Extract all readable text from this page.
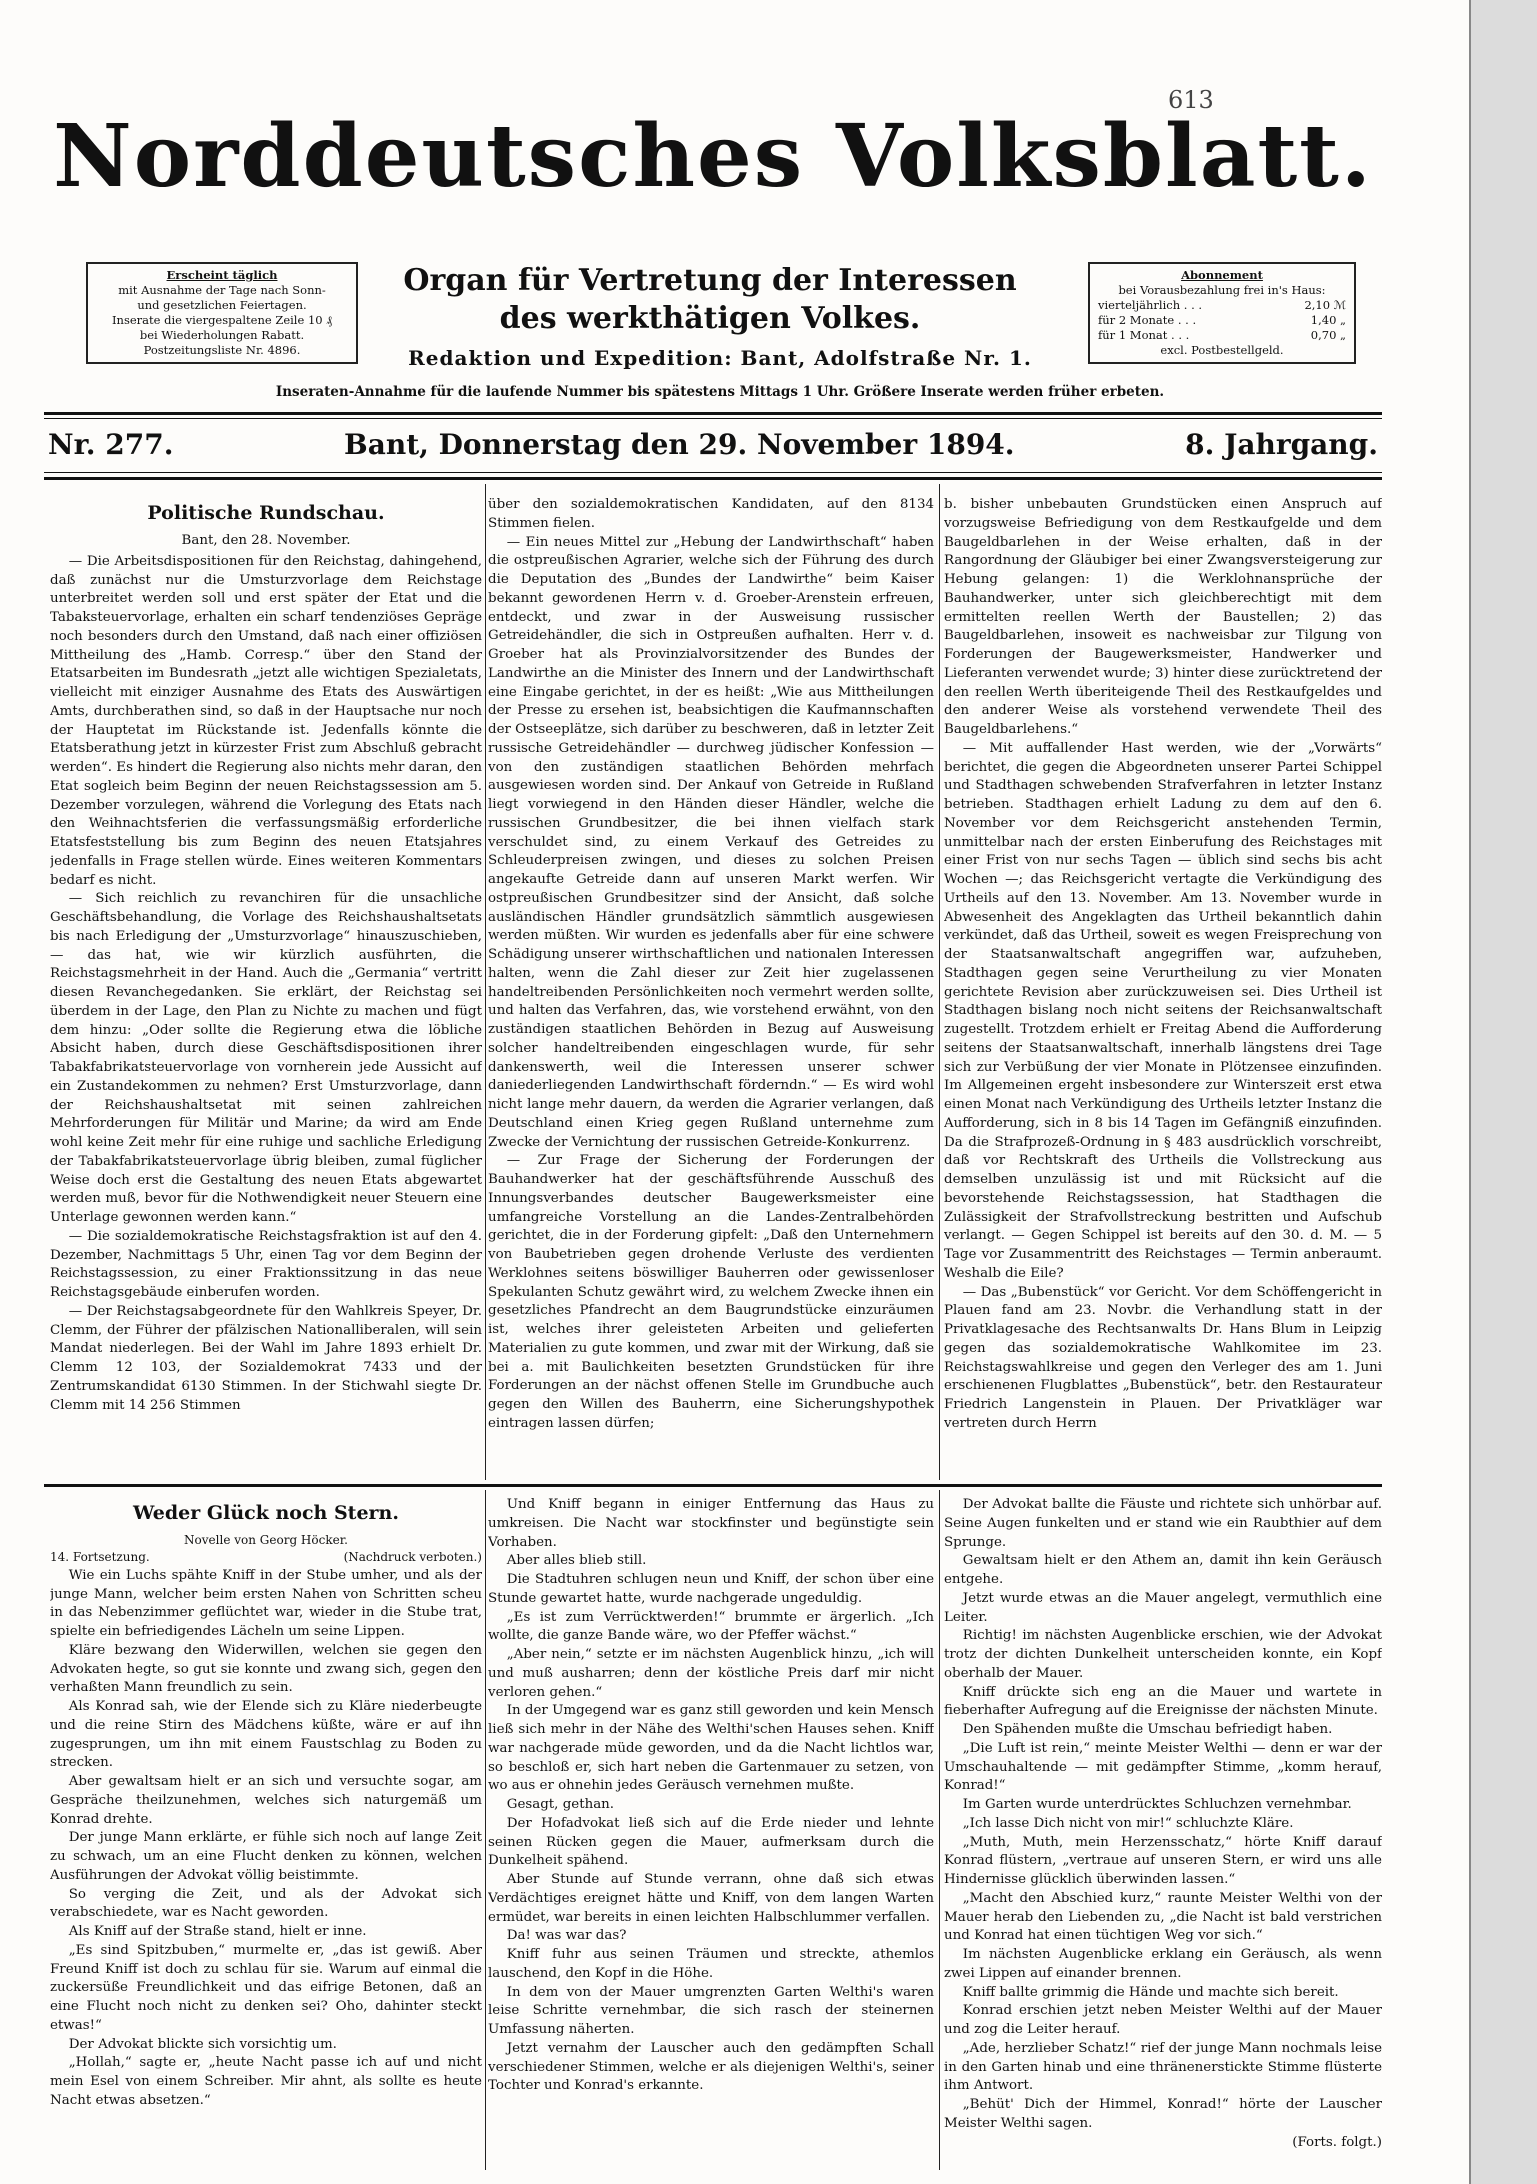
613
Norddeutsches Volksblatt.
Erscheint täglich
mit Ausnahme der Tage nach Sonn-
und gesetzlichen Feiertagen.
Inserate die viergespaltene Zeile 10 ₰
bei Wiederholungen Rabatt.
Postzeitungsliste Nr. 4896.
Organ für Vertretung der Interessen
des werkthätigen Volkes.
Abonnement
bei Vorausbezahlung frei in's Haus:
vierteljährlich . . .	2,10 ℳ
für 2 Monate . . .	1,40 „
für 1 Monat . . .	0,70 „
excl. Postbestellgeld.
Redaktion und Expedition: Bant, Adolfstraße Nr. 1.
Inseraten-Annahme für die laufende Nummer bis spätestens Mittags 1 Uhr. Größere Inserate werden früher erbeten.
Nr. 277.	Bant, Donnerstag den 29. November 1894.	8. Jahrgang.

Politische Rundschau.

Bant, den 28. November.

— Die Arbeitsdispositionen für den Reichstag, dahingehend, daß zunächst nur die Umsturzvorlage dem Reichstage unterbreitet werden soll und erst später der Etat und die Tabaksteuervorlage, erhalten ein scharf tendenziöses Gepräge noch besonders durch den Umstand, daß nach einer offiziösen Mittheilung des „Hamb. Corresp.“ über den Stand der Etatsarbeiten im Bundesrath „jetzt alle wichtigen Spezialetats, vielleicht mit einziger Ausnahme des Etats des Auswärtigen Amts, durchberathen sind, so daß in der Hauptsache nur noch der Hauptetat im Rückstande ist. Jedenfalls könnte die Etatsberathung jetzt in kürzester Frist zum Abschluß gebracht werden“. Es hindert die Regierung also nichts mehr daran, den Etat sogleich beim Beginn der neuen Reichstagssession am 5. Dezember vorzulegen, während die Vorlegung des Etats nach den Weihnachtsferien die verfassungsmäßig erforderliche Etatsfeststellung bis zum Beginn des neuen Etatsjahres jedenfalls in Frage stellen würde. Eines weiteren Kommentars bedarf es nicht.

— Sich reichlich zu revanchiren für die unsachliche Geschäftsbehandlung, die Vorlage des Reichshaushaltsetats bis nach Erledigung der „Umsturzvorlage“ hinauszuschieben, — das hat, wie wir kürzlich ausführten, die Reichstagsmehrheit in der Hand. Auch die „Germania“ vertritt diesen Revanchegedanken. Sie erklärt, der Reichstag sei überdem in der Lage, den Plan zu Nichte zu machen und fügt dem hinzu: „Oder sollte die Regierung etwa die löbliche Absicht haben, durch diese Geschäftsdispositionen ihrer Tabakfabrikatsteuervorlage von vornherein jede Aussicht auf ein Zustandekommen zu nehmen? Erst Umsturzvorlage, dann der Reichshaushaltsetat mit seinen zahlreichen Mehrforderungen für Militär und Marine; da wird am Ende wohl keine Zeit mehr für eine ruhige und sachliche Erledigung der Tabakfabrikatsteuervorlage übrig bleiben, zumal füglicher Weise doch erst die Gestaltung des neuen Etats abgewartet werden muß, bevor für die Nothwendigkeit neuer Steuern eine Unterlage gewonnen werden kann.“

— Die sozialdemokratische Reichstagsfraktion ist auf den 4. Dezember, Nachmittags 5 Uhr, einen Tag vor dem Beginn der Reichstagssession, zu einer Fraktionssitzung in das neue Reichstagsgebäude einberufen worden.

— Der Reichstagsabgeordnete für den Wahlkreis Speyer, Dr. Clemm, der Führer der pfälzischen Nationalliberalen, will sein Mandat niederlegen. Bei der Wahl im Jahre 1893 erhielt Dr. Clemm 12 103, der Sozialdemokrat 7433 und der Zentrumskandidat 6130 Stimmen. In der Stichwahl siegte Dr. Clemm mit 14 256 Stimmen

über den sozialdemokratischen Kandidaten, auf den 8134 Stimmen fielen.

— Ein neues Mittel zur „Hebung der Landwirthschaft“ haben die ostpreußischen Agrarier, welche sich der Führung des durch die Deputation des „Bundes der Landwirthe“ beim Kaiser bekannt gewordenen Herrn v. d. Groeber-Arenstein erfreuen, entdeckt, und zwar in der Ausweisung russischer Getreidehändler, die sich in Ostpreußen aufhalten. Herr v. d. Groeber hat als Provinzialvorsitzender des Bundes der Landwirthe an die Minister des Innern und der Landwirthschaft eine Eingabe gerichtet, in der es heißt: „Wie aus Mittheilungen der Presse zu ersehen ist, beabsichtigen die Kaufmannschaften der Ostseeplätze, sich darüber zu beschweren, daß in letzter Zeit russische Getreidehändler — durchweg jüdischer Konfession — von den zuständigen staatlichen Behörden mehrfach ausgewiesen worden sind. Der Ankauf von Getreide in Rußland liegt vorwiegend in den Händen dieser Händler, welche die russischen Grundbesitzer, die bei ihnen vielfach stark verschuldet sind, zu einem Verkauf des Getreides zu Schleuderpreisen zwingen, und dieses zu solchen Preisen angekaufte Getreide dann auf unseren Markt werfen. Wir ostpreußischen Grundbesitzer sind der Ansicht, daß solche ausländischen Händler grundsätzlich sämmtlich ausgewiesen werden müßten. Wir wurden es jedenfalls aber für eine schwere Schädigung unserer wirthschaftlichen und nationalen Interessen halten, wenn die Zahl dieser zur Zeit hier zugelassenen handeltreibenden Persönlichkeiten noch vermehrt werden sollte, und halten das Verfahren, das, wie vorstehend erwähnt, von den zuständigen staatlichen Behörden in Bezug auf Ausweisung solcher handeltreibenden eingeschlagen wurde, für sehr dankenswerth, weil die Interessen unserer schwer daniederliegenden Landwirthschaft förderndn.“ — Es wird wohl nicht lange mehr dauern, da werden die Agrarier verlangen, daß Deutschland einen Krieg gegen Rußland unternehme zum Zwecke der Vernichtung der russischen Getreide-Konkurrenz.

— Zur Frage der Sicherung der Forderungen der Bauhandwerker hat der geschäftsführende Ausschuß des Innungsverbandes deutscher Baugewerksmeister eine umfangreiche Vorstellung an die Landes-Zentralbehörden gerichtet, die in der Forderung gipfelt: „Daß den Unternehmern von Baubetrieben gegen drohende Verluste des verdienten Werklohnes seitens böswilliger Bauherren oder gewissenloser Spekulanten Schutz gewährt wird, zu welchem Zwecke ihnen ein gesetzliches Pfandrecht an dem Baugrundstücke einzuräumen ist, welches ihrer geleisteten Arbeiten und gelieferten Materialien zu gute kommen, und zwar mit der Wirkung, daß sie bei a. mit Baulichkeiten besetzten Grundstücken für ihre Forderungen an der nächst offenen Stelle im Grundbuche auch gegen den Willen des Bauherrn, eine Sicherungshypothek eintragen lassen dürfen;

b. bisher unbebauten Grundstücken einen Anspruch auf vorzugsweise Befriedigung von dem Restkaufgelde und dem Baugeldbarlehen in der Weise erhalten, daß in der Rangordnung der Gläubiger bei einer Zwangsversteigerung zur Hebung gelangen: 1) die Werklohnansprüche der Bauhandwerker, unter sich gleichberechtigt mit dem ermittelten reellen Werth der Baustellen; 2) das Baugeldbarlehen, insoweit es nachweisbar zur Tilgung von Forderungen der Baugewerksmeister, Handwerker und Lieferanten verwendet wurde; 3) hinter diese zurücktretend der den reellen Werth überiteigende Theil des Restkaufgeldes und den anderer Weise als vorstehend verwendete Theil des Baugeldbarlehens.“

— Mit auffallender Hast werden, wie der „Vorwärts“ berichtet, die gegen die Abgeordneten unserer Partei Schippel und Stadthagen schwebenden Strafverfahren in letzter Instanz betrieben. Stadthagen erhielt Ladung zu dem auf den 6. November vor dem Reichsgericht anstehenden Termin, unmittelbar nach der ersten Einberufung des Reichstages mit einer Frist von nur sechs Tagen — üblich sind sechs bis acht Wochen —; das Reichsgericht vertagte die Verkündigung des Urtheils auf den 13. November. Am 13. November wurde in Abwesenheit des Angeklagten das Urtheil bekanntlich dahin verkündet, daß das Urtheil, soweit es wegen Freisprechung von der Staatsanwaltschaft angegriffen war, aufzuheben, Stadthagen gegen seine Verurtheilung zu vier Monaten gerichtete Revision aber zurückzuweisen sei. Dies Urtheil ist Stadthagen bislang noch nicht seitens der Reichsanwaltschaft zugestellt. Trotzdem erhielt er Freitag Abend die Aufforderung seitens der Staatsanwaltschaft, innerhalb längstens drei Tage sich zur Verbüßung der vier Monate in Plötzensee einzufinden. Im Allgemeinen ergeht insbesondere zur Winterszeit erst etwa einen Monat nach Verkündigung des Urtheils letzter Instanz die Aufforderung, sich in 8 bis 14 Tagen im Gefängniß einzufinden. Da die Strafprozeß-Ordnung in § 483 ausdrücklich vorschreibt, daß vor Rechtskraft des Urtheils die Vollstreckung aus demselben unzulässig ist und mit Rücksicht auf die bevorstehende Reichstagssession, hat Stadthagen die Zulässigkeit der Strafvollstreckung bestritten und Aufschub verlangt. — Gegen Schippel ist bereits auf den 30. d. M. — 5 Tage vor Zusammentritt des Reichstages — Termin anberaumt. Weshalb die Eile?

— Das „Bubenstück“ vor Gericht. Vor dem Schöffengericht in Plauen fand am 23. Novbr. die Verhandlung statt in der Privatklagesache des Rechtsanwalts Dr. Hans Blum in Leipzig gegen das sozialdemokratische Wahlkomitee im 23. Reichstagswahlkreise und gegen den Verleger des am 1. Juni erschienenen Flugblattes „Bubenstück“, betr. den Restaurateur Friedrich Langenstein in Plauen. Der Privatkläger war vertreten durch Herrn

Weder Glück noch Stern.

Novelle von Georg Höcker.

14. Fortsetzung.	(Nachdruck verboten.)

Wie ein Luchs spähte Kniff in der Stube umher, und als der junge Mann, welcher beim ersten Nahen von Schritten scheu in das Nebenzimmer geflüchtet war, wieder in die Stube trat, spielte ein befriedigendes Lächeln um seine Lippen.

Kläre bezwang den Widerwillen, welchen sie gegen den Advokaten hegte, so gut sie konnte und zwang sich, gegen den verhaßten Mann freundlich zu sein.

Als Konrad sah, wie der Elende sich zu Kläre niederbeugte und die reine Stirn des Mädchens küßte, wäre er auf ihn zugesprungen, um ihn mit einem Faustschlag zu Boden zu strecken.

Aber gewaltsam hielt er an sich und versuchte sogar, am Gespräche theilzunehmen, welches sich naturgemäß um Konrad drehte.

Der junge Mann erklärte, er fühle sich noch auf lange Zeit zu schwach, um an eine Flucht denken zu können, welchen Ausführungen der Advokat völlig beistimmte.

So verging die Zeit, und als der Advokat sich verabschiedete, war es Nacht geworden.

Als Kniff auf der Straße stand, hielt er inne.

„Es sind Spitzbuben,“ murmelte er, „das ist gewiß. Aber Freund Kniff ist doch zu schlau für sie. Warum auf einmal die zuckersüße Freundlichkeit und das eifrige Betonen, daß an eine Flucht noch nicht zu denken sei? Oho, dahinter steckt etwas!“

Der Advokat blickte sich vorsichtig um.

„Hollah,“ sagte er, „heute Nacht passe ich auf und nicht mein Esel von einem Schreiber. Mir ahnt, als sollte es heute Nacht etwas absetzen.“

Und Kniff begann in einiger Entfernung das Haus zu umkreisen. Die Nacht war stockfinster und begünstigte sein Vorhaben.

Aber alles blieb still.

Die Stadtuhren schlugen neun und Kniff, der schon über eine Stunde gewartet hatte, wurde nachgerade ungeduldig.

„Es ist zum Verrücktwerden!“ brummte er ärgerlich. „Ich wollte, die ganze Bande wäre, wo der Pfeffer wächst.“

„Aber nein,“ setzte er im nächsten Augenblick hinzu, „ich will und muß ausharren; denn der köstliche Preis darf mir nicht verloren gehen.“

In der Umgegend war es ganz still geworden und kein Mensch ließ sich mehr in der Nähe des Welthi'schen Hauses sehen. Kniff war nachgerade müde geworden, und da die Nacht lichtlos war, so beschloß er, sich hart neben die Gartenmauer zu setzen, von wo aus er ohnehin jedes Geräusch vernehmen mußte.

Gesagt, gethan.

Der Hofadvokat ließ sich auf die Erde nieder und lehnte seinen Rücken gegen die Mauer, aufmerksam durch die Dunkelheit spähend.

Aber Stunde auf Stunde verrann, ohne daß sich etwas Verdächtiges ereignet hätte und Kniff, von dem langen Warten ermüdet, war bereits in einen leichten Halbschlummer verfallen.

Da! was war das?

Kniff fuhr aus seinen Träumen und streckte, athemlos lauschend, den Kopf in die Höhe.

In dem von der Mauer umgrenzten Garten Welthi's waren leise Schritte vernehmbar, die sich rasch der steinernen Umfassung näherten.

Jetzt vernahm der Lauscher auch den gedämpften Schall verschiedener Stimmen, welche er als diejenigen Welthi's, seiner Tochter und Konrad's erkannte.

Der Advokat ballte die Fäuste und richtete sich unhörbar auf. Seine Augen funkelten und er stand wie ein Raubthier auf dem Sprunge.

Gewaltsam hielt er den Athem an, damit ihn kein Geräusch entgehe.

Jetzt wurde etwas an die Mauer angelegt, vermuthlich eine Leiter.

Richtig! im nächsten Augenblicke erschien, wie der Advokat trotz der dichten Dunkelheit unterscheiden konnte, ein Kopf oberhalb der Mauer.

Kniff drückte sich eng an die Mauer und wartete in fieberhafter Aufregung auf die Ereignisse der nächsten Minute.

Den Spähenden mußte die Umschau befriedigt haben.

„Die Luft ist rein,“ meinte Meister Welthi — denn er war der Umschauhaltende — mit gedämpfter Stimme, „komm herauf, Konrad!“

Im Garten wurde unterdrücktes Schluchzen vernehmbar.

„Ich lasse Dich nicht von mir!“ schluchzte Kläre.

„Muth, Muth, mein Herzensschatz,“ hörte Kniff darauf Konrad flüstern, „vertraue auf unseren Stern, er wird uns alle Hindernisse glücklich überwinden lassen.“

„Macht den Abschied kurz,“ raunte Meister Welthi von der Mauer herab den Liebenden zu, „die Nacht ist bald verstrichen und Konrad hat einen tüchtigen Weg vor sich.“

Im nächsten Augenblicke erklang ein Geräusch, als wenn zwei Lippen auf einander brennen.

Kniff ballte grimmig die Hände und machte sich bereit.

Konrad erschien jetzt neben Meister Welthi auf der Mauer und zog die Leiter herauf.

„Ade, herzlieber Schatz!“ rief der junge Mann nochmals leise in den Garten hinab und eine thränenerstickte Stimme flüsterte ihm Antwort.

„Behüt' Dich der Himmel, Konrad!“ hörte der Lauscher Meister Welthi sagen.

(Forts. folgt.)
